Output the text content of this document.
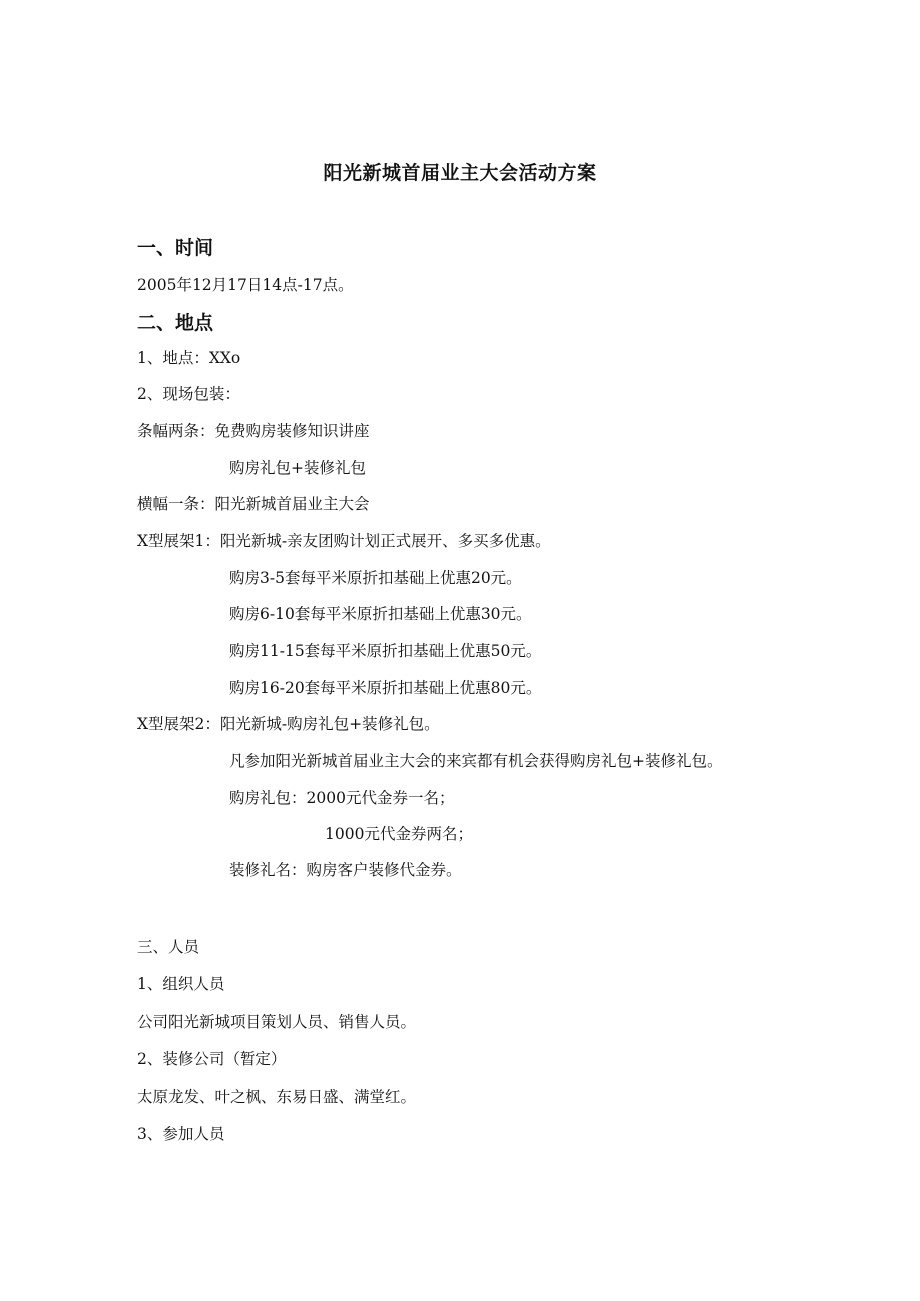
阳光新城首届业主大会活动方案
一、时间
2005年12月17日14点-17点。
二、地点
1、地点：XXo
2、现场包装：
条幅两条：免费购房装修知识讲座
购房礼包+装修礼包
横幅一条：阳光新城首届业主大会
X型展架1：阳光新城-亲友团购计划正式展开、多买多优惠。
购房3-5套每平米原折扣基础上优惠20元。
购房6-10套每平米原折扣基础上优惠30元。
购房11-15套每平米原折扣基础上优惠50元。
购房16-20套每平米原折扣基础上优惠80元。
X型展架2：阳光新城-购房礼包+装修礼包。
凡参加阳光新城首届业主大会的来宾都有机会获得购房礼包+装修礼包。
购房礼包：2000元代金券一名；
1000元代金券两名；
装修礼名：购房客户装修代金券。
三、人员
1、组织人员
公司阳光新城项目策划人员、销售人员。
2、装修公司（暂定）
太原龙发、叶之枫、东易日盛、满堂红。
3、参加人员
